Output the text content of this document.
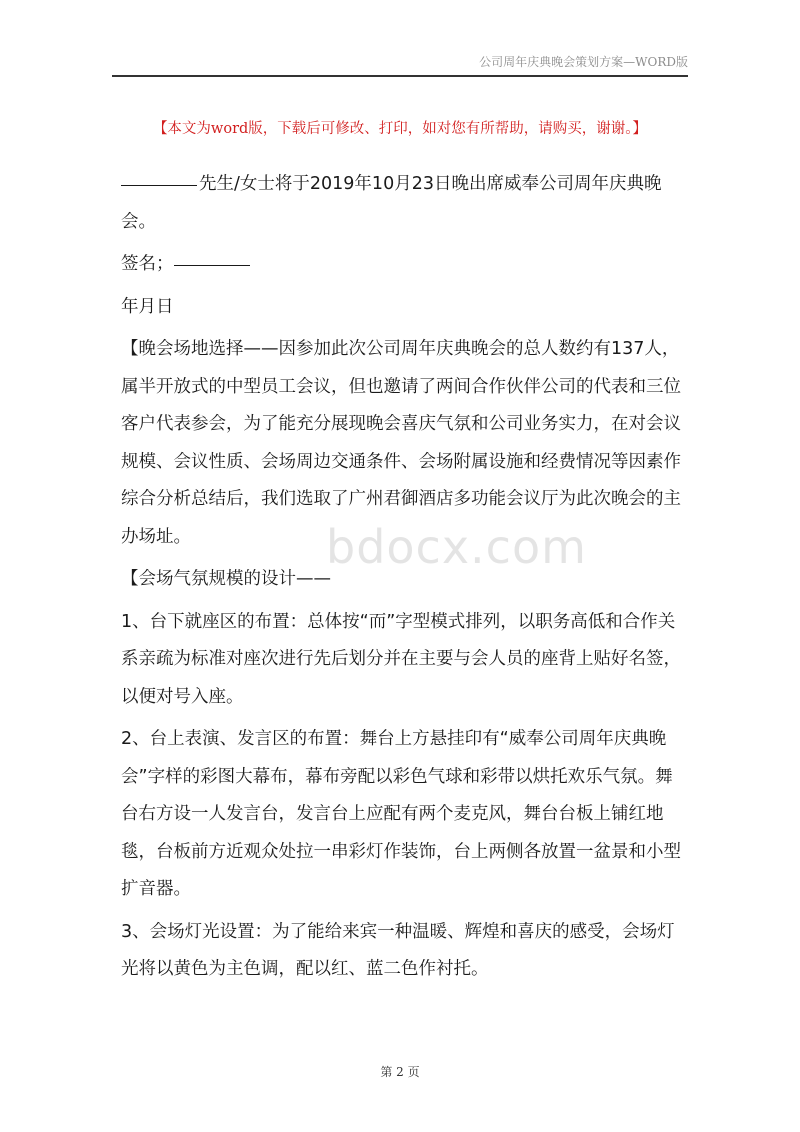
公司周年庆典晚会策划方案—WORD版
【本文为word版，下载后可修改、打印，如对您有所帮助，请购买，谢谢。】

先生/女士将于2019年10月23日晚出席威奉公司周年庆典晚会。

签名；

年月日

【晚会场地选择——因参加此次公司周年庆典晚会的总人数约有137人，属半开放式的中型员工会议，但也邀请了两间合作伙伴公司的代表和三位客户代表参会，为了能充分展现晚会喜庆气氛和公司业务实力，在对会议规模、会议性质、会场周边交通条件、会场附属设施和经费情况等因素作综合分析总结后，我们选取了广州君御酒店多功能会议厅为此次晚会的主办场址。

【会场气氛规模的设计——

1、台下就座区的布置：总体按“而”字型模式排列，以职务高低和合作关系亲疏为标准对座次进行先后划分并在主要与会人员的座背上贴好名签，以便对号入座。

2、台上表演、发言区的布置：舞台上方悬挂印有“威奉公司周年庆典晚会”字样的彩图大幕布，幕布旁配以彩色气球和彩带以烘托欢乐气氛。舞台右方设一人发言台，发言台上应配有两个麦克风，舞台台板上铺红地毯，台板前方近观众处拉一串彩灯作装饰，台上两侧各放置一盆景和小型扩音器。

3、会场灯光设置：为了能给来宾一种温暖、辉煌和喜庆的感受，会场灯光将以黄色为主色调，配以红、蓝二色作衬托。

bdocx.com
第 2 页
